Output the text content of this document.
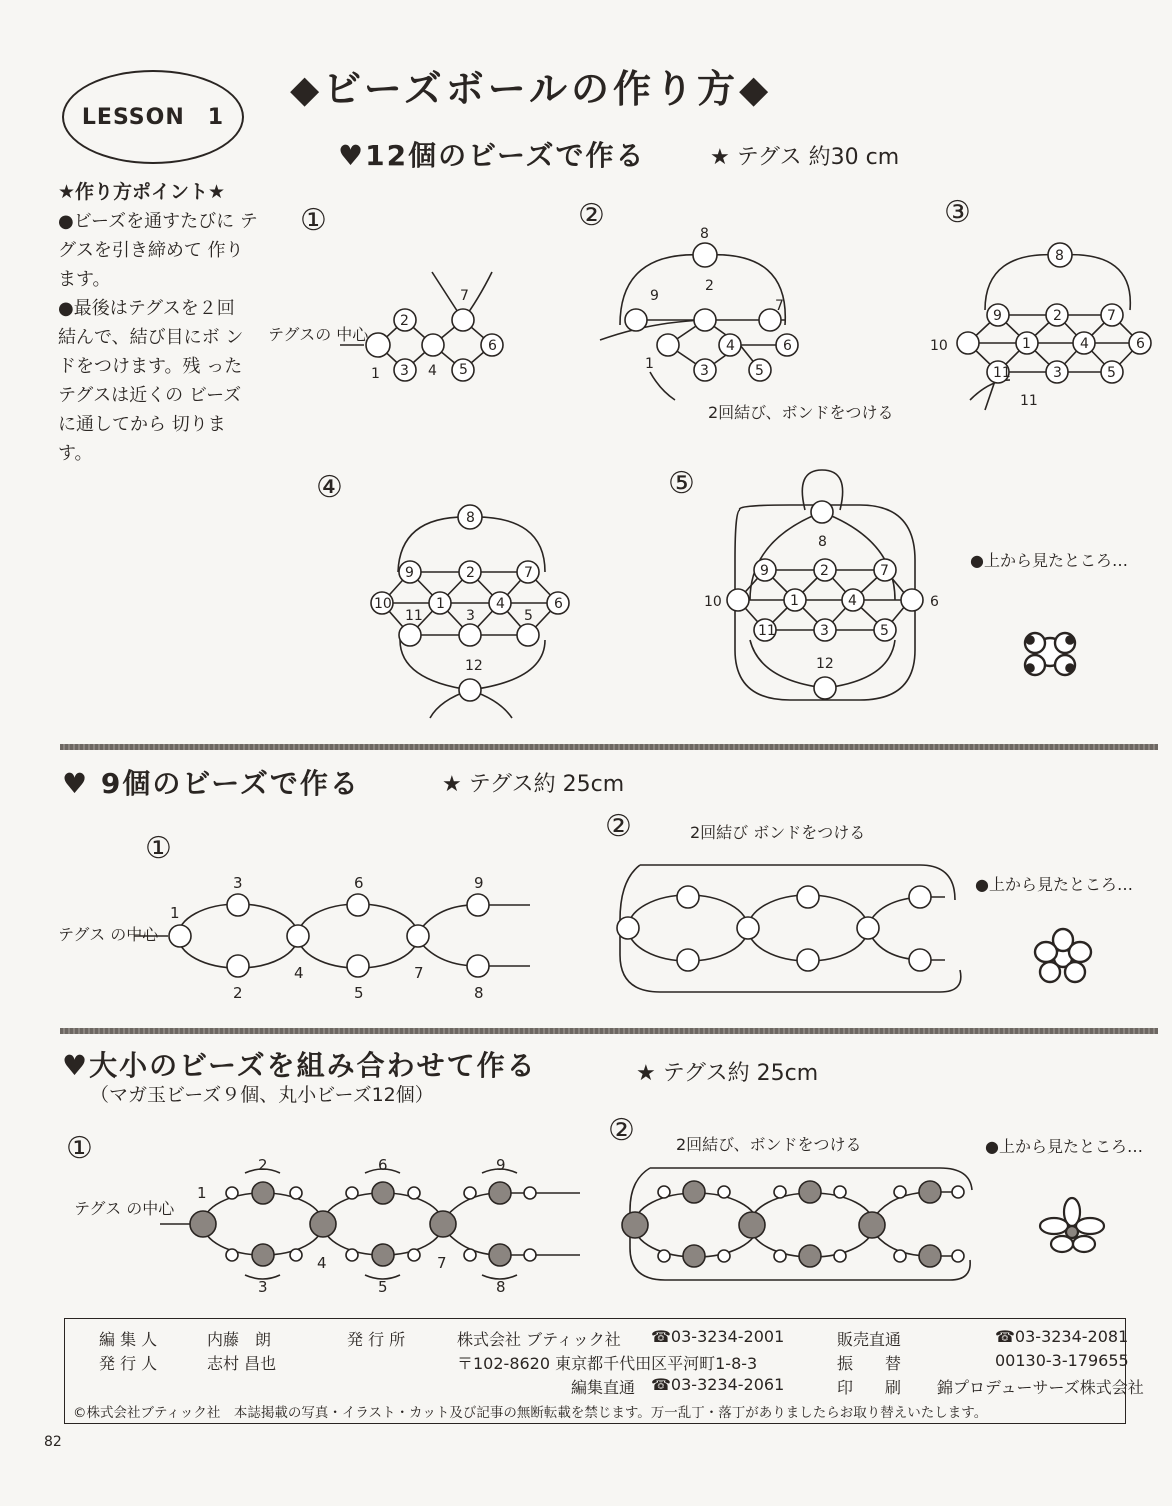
LESSON　1
◆ビーズボールの作り方◆
★作り方ポイント★
●ビーズを通すたびに テグスを引き締めて 作ります。
●最後はテグスを２回 結んで、結び目にボ ンドをつけます。残 ったテグスは近くの ビーズに通してから 切ります。
♥12個のビーズで作る	★ テグス 約30 cm
2
3 4 5
6
7
1
8
9
2
7
4	6
3	5
1
8
9	2	7
10	1	4	6
11	3	5
11
8
9	2	7
10	1	4	6
11	3	5
12
8
9	2	7
10	1	4	6
11	3	5
12
①	②	③
④	⑤
テグスの 中心
2回結び、ボンドをつける
●上から見たところ…
♥ 9個のビーズで作る	★ テグス約 25cm
1
3
2
4
6
5
7
9
8
①
②
テグス の中心
2回結び ボンドをつける
●上から見たところ…
♥大小のビーズを組み合わせて作る
（マガ玉ビーズ９個、丸小ビーズ12個）
★ テグス約 25cm
1
2	6	9
3
4
5
7
8
①
②
テグス の中心
2回結び、ボンドをつける	●上から見たところ…
編 集 人	内藤　朗	発 行 所	株式会社 ブティック社 ☎03-3234-2001	販売直通	☎03-3234-2081
発 行 人	志村 昌也	〒102-8620 東京都千代田区平河町1-8-3	振　　替	00130-3-179655
編集直通 ☎03-3234-2061	印　　刷 錦プロデューサーズ株式会社
©株式会社ブティック社　本誌掲載の写真・イラスト・カット及び記事の無断転載を禁じます。万一乱丁・落丁がありましたらお取り替えいたします。
82
